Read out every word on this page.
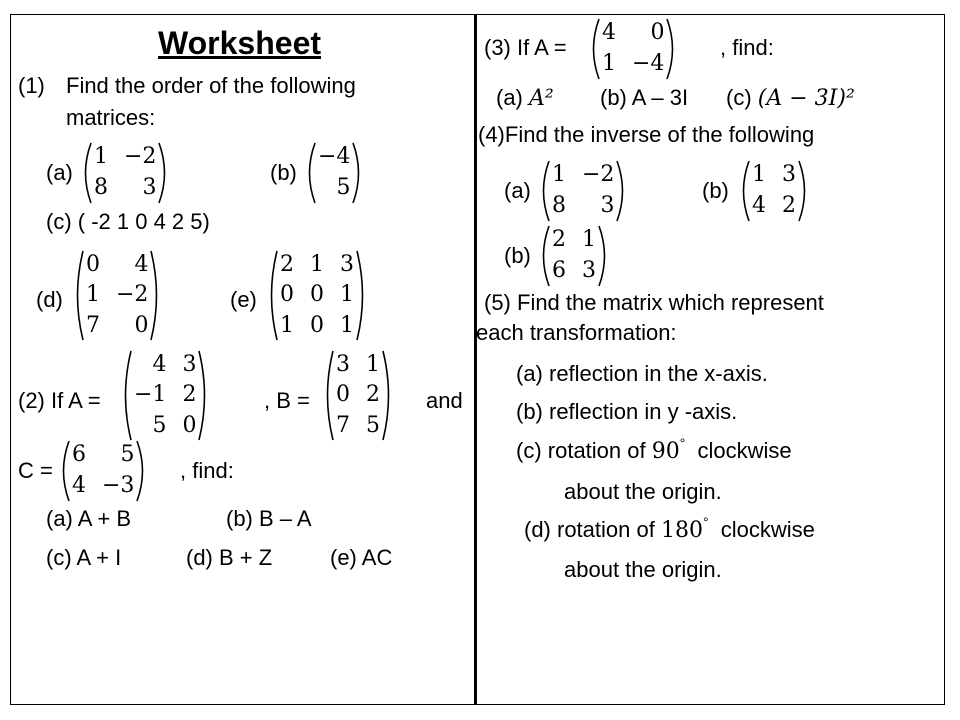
Worksheet
(1) Find the order of the following
matrices:
(a)
1 −2
8	3
(b)
−4
5
(c) ( -2 1 0 4 2 5)
(d)
0	4
1 −2
7	0
(e)
2 1 3
0 0 1
1 0 1
(2) If A =
4 3
−1 2
5 0
, B =
3 1
0 2
7 5
and
C =
6	5
4 −3
, find:
(a) A + B	(b) B – A
(c) A + I	(d) B + Z	(e) AC
(3) If A =
4	0
1 −4
, find:
(a) A² (b) A – 3I (c) (A − 3I)²
(4)Find the inverse of the following
(a)
1 −2
8	3
(b)
1 3
4 2
(b)
2 1
6 3
(5) Find the matrix which represent
each transformation:
(a) reflection in the x-axis.
(b) reflection in y -axis.
(c) rotation of 90° clockwise
about the origin.
(d) rotation of 180° clockwise
about the origin.
